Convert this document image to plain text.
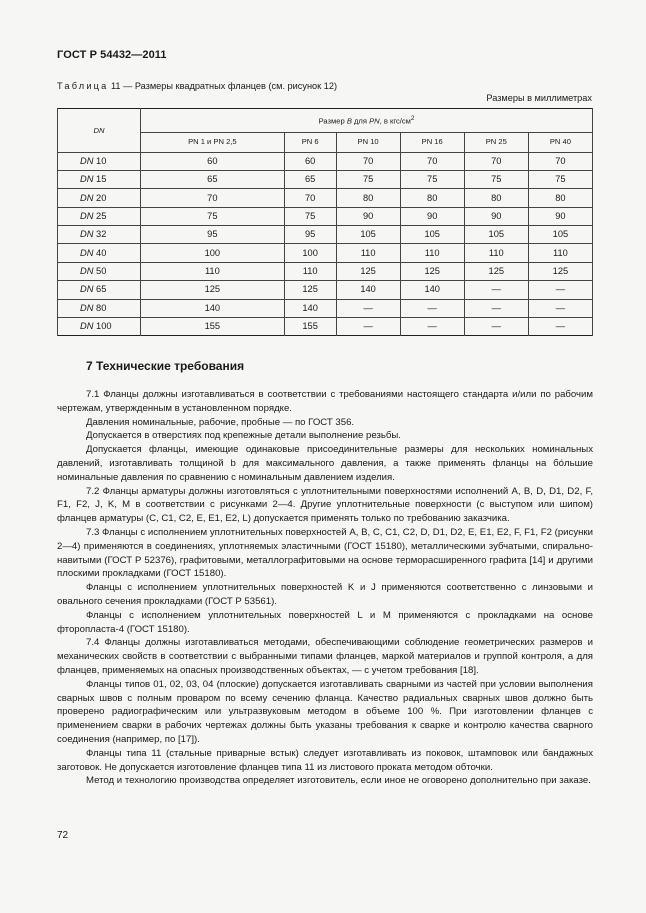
ГОСТ Р 54432—2011
Таблица 11 — Размеры квадратных фланцев (см. рисунок 12)
Размеры в миллиметрах
DN	Размер B для PN, в кгс/$см^2$
	PN 1 и PN 2,5	PN 6	PN 10	PN 16	PN 25	PN 40
DN 10	60	60	70	70	70	70
DN 15	65	65	75	75	75	75
DN 20	70	70	80	80	80	80
DN 25	75	75	90	90	90	90
DN 32	95	95	105	105	105	105
DN 40	100	100	110	110	110	110
DN 50	110	110	125	125	125	125
DN 65	125	125	140	140	—	—
DN 80	140	140	—	—	—	—
DN 100	155	155	—	—	—	—
7 Технические требования

7.1 Фланцы должны изготавливаться в соответствии с требованиями настоящего стандарта и/или по рабочим чертежам, утвержденным в установленном порядке.

Давления номинальные, рабочие, пробные — по ГОСТ 356.

Допускается в отверстиях под крепежные детали выполнение резьбы.

Допускается фланцы, имеющие одинаковые присоединительные размеры для нескольких номинальных давлений, изготавливать толщиной b для максимального давления, а также применять фланцы на бóльшие номинальные давления по сравнению с номинальным давлением изделия.

7.2 Фланцы арматуры должны изготовляться с уплотнительными поверхностями исполнений A, B, D, D1, D2, F, F1, F2, J, K, M в соответствии с рисунками 2—4. Другие уплотнительные поверхности (с выступом или шипом) фланцев арматуры (C, C1, C2, E, E1, E2, L) допускается применять только по требованию заказчика.

7.3 Фланцы с исполнением уплотнительных поверхностей A, B, C, C1, C2, D, D1, D2, E, E1, E2, F, F1, F2 (рисунки 2—4) применяются в соединениях, уплотняемых эластичными (ГОСТ 15180), металлическими зубчатыми, спирально-навитыми (ГОСТ Р 52376), графитовыми, металлографитовыми на основе терморасширенного графита [14] и другими плоскими прокладками (ГОСТ 15180).

Фланцы с исполнением уплотнительных поверхностей K и J применяются соответственно с линзовыми и овального сечения прокладками (ГОСТ Р 53561).

Фланцы с исполнением уплотнительных поверхностей L и M применяются с прокладками на основе фторопласта-4 (ГОСТ 15180).

7.4 Фланцы должны изготавливаться методами, обеспечивающими соблюдение геометрических размеров и механических свойств в соответствии с выбранными типами фланцев, маркой материалов и группой контроля, а для фланцев, применяемых на опасных производственных объектах, — с учетом требования [18].

Фланцы типов 01, 02, 03, 04 (плоские) допускается изготавливать сварными из частей при условии выполнения сварных швов с полным проваром по всему сечению фланца. Качество радиальных сварных швов должно быть проверено радиографическим или ультразвуковым методом в объеме 100 %. При изготовлении фланцев с применением сварки в рабочих чертежах должны быть указаны требования к сварке и контролю качества сварного соединения (например, по [17]).

Фланцы типа 11 (стальные приварные встык) следует изготавливать из поковок, штамповок или бандажных заготовок. Не допускается изготовление фланцев типа 11 из листового проката методом обточки.

Метод и технологию производства определяет изготовитель, если иное не оговорено дополнительно при заказе.

72
